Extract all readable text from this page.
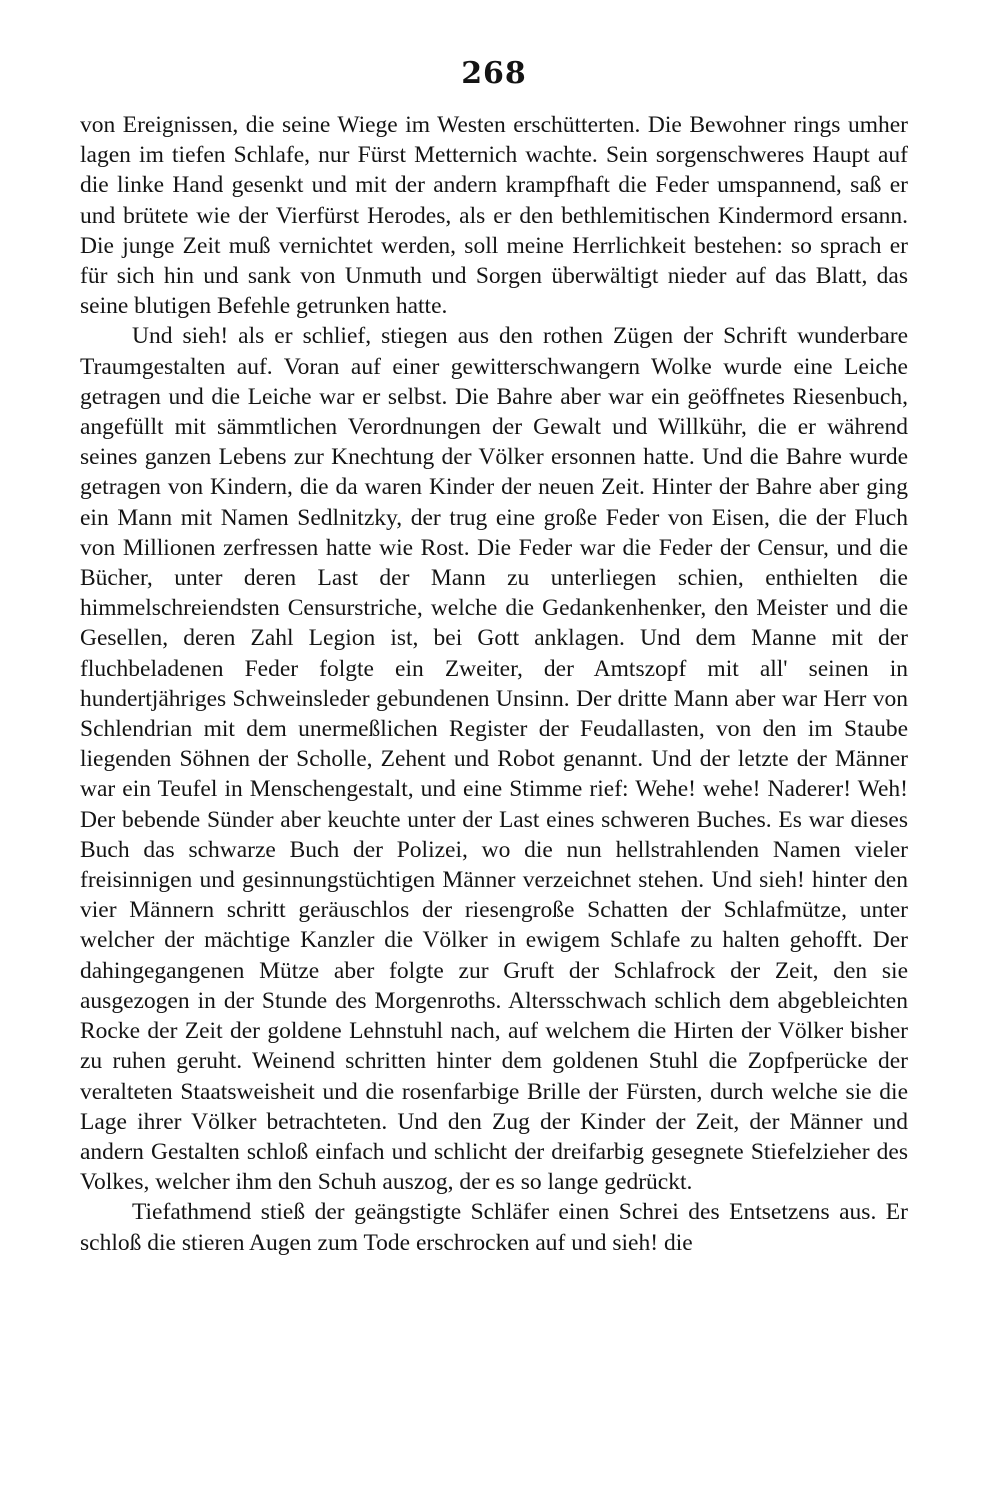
268

von Ereignissen, die seine Wiege im Westen erschütterten. Die Bewohner rings umher lagen im tiefen Schlafe, nur Fürst Metternich wachte. Sein sorgenschweres Haupt auf die linke Hand gesenkt und mit der andern krampfhaft die Feder umspannend, saß er und brütete wie der Vierfürst Herodes, als er den bethlemitischen Kindermord ersann. Die junge Zeit muß vernichtet werden, soll meine Herrlichkeit bestehen: so sprach er für sich hin und sank von Unmuth und Sorgen überwältigt nieder auf das Blatt, das seine blutigen Befehle getrunken hatte.

Und sieh! als er schlief, stiegen aus den rothen Zügen der Schrift wunderbare Traumgestalten auf. Voran auf einer gewitterschwangern Wolke wurde eine Leiche getragen und die Leiche war er selbst. Die Bahre aber war ein geöffnetes Riesenbuch, angefüllt mit sämmtlichen Verordnungen der Gewalt und Willkühr, die er während seines ganzen Lebens zur Knechtung der Völker ersonnen hatte. Und die Bahre wurde getragen von Kindern, die da waren Kinder der neuen Zeit. Hinter der Bahre aber ging ein Mann mit Namen Sedlnitzky, der trug eine große Feder von Eisen, die der Fluch von Millionen zerfressen hatte wie Rost. Die Feder war die Feder der Censur, und die Bücher, unter deren Last der Mann zu unterliegen schien, enthielten die himmelschreiendsten Censurstriche, welche die Gedankenhenker, den Meister und die Gesellen, deren Zahl Legion ist, bei Gott anklagen. Und dem Manne mit der fluchbeladenen Feder folgte ein Zweiter, der Amtszopf mit all' seinen in hundertjähriges Schweinsleder gebundenen Unsinn. Der dritte Mann aber war Herr von Schlendrian mit dem unermeßlichen Register der Feudallasten, von den im Staube liegenden Söhnen der Scholle, Zehent und Robot genannt. Und der letzte der Männer war ein Teufel in Menschengestalt, und eine Stimme rief: Wehe! wehe! Naderer! Weh! Der bebende Sünder aber keuchte unter der Last eines schweren Buches. Es war dieses Buch das schwarze Buch der Polizei, wo die nun hellstrahlenden Namen vieler freisinnigen und gesinnungstüchtigen Männer verzeichnet stehen. Und sieh! hinter den vier Männern schritt geräuschlos der riesengroße Schatten der Schlafmütze, unter welcher der mächtige Kanzler die Völker in ewigem Schlafe zu halten gehofft. Der dahingegangenen Mütze aber folgte zur Gruft der Schlafrock der Zeit, den sie ausgezogen in der Stunde des Morgenroths. Altersschwach schlich dem abgebleichten Rocke der Zeit der goldene Lehnstuhl nach, auf welchem die Hirten der Völker bisher zu ruhen geruht. Weinend schritten hinter dem goldenen Stuhl die Zopfperücke der veralteten Staatsweisheit und die rosenfarbige Brille der Fürsten, durch welche sie die Lage ihrer Völker betrachteten. Und den Zug der Kinder der Zeit, der Männer und andern Gestalten schloß einfach und schlicht der dreifarbig gesegnete Stiefelzieher des Volkes, welcher ihm den Schuh auszog, der es so lange gedrückt.

Tiefathmend stieß der geängstigte Schläfer einen Schrei des Entsetzens aus. Er schloß die stieren Augen zum Tode erschrocken auf und sieh! die
